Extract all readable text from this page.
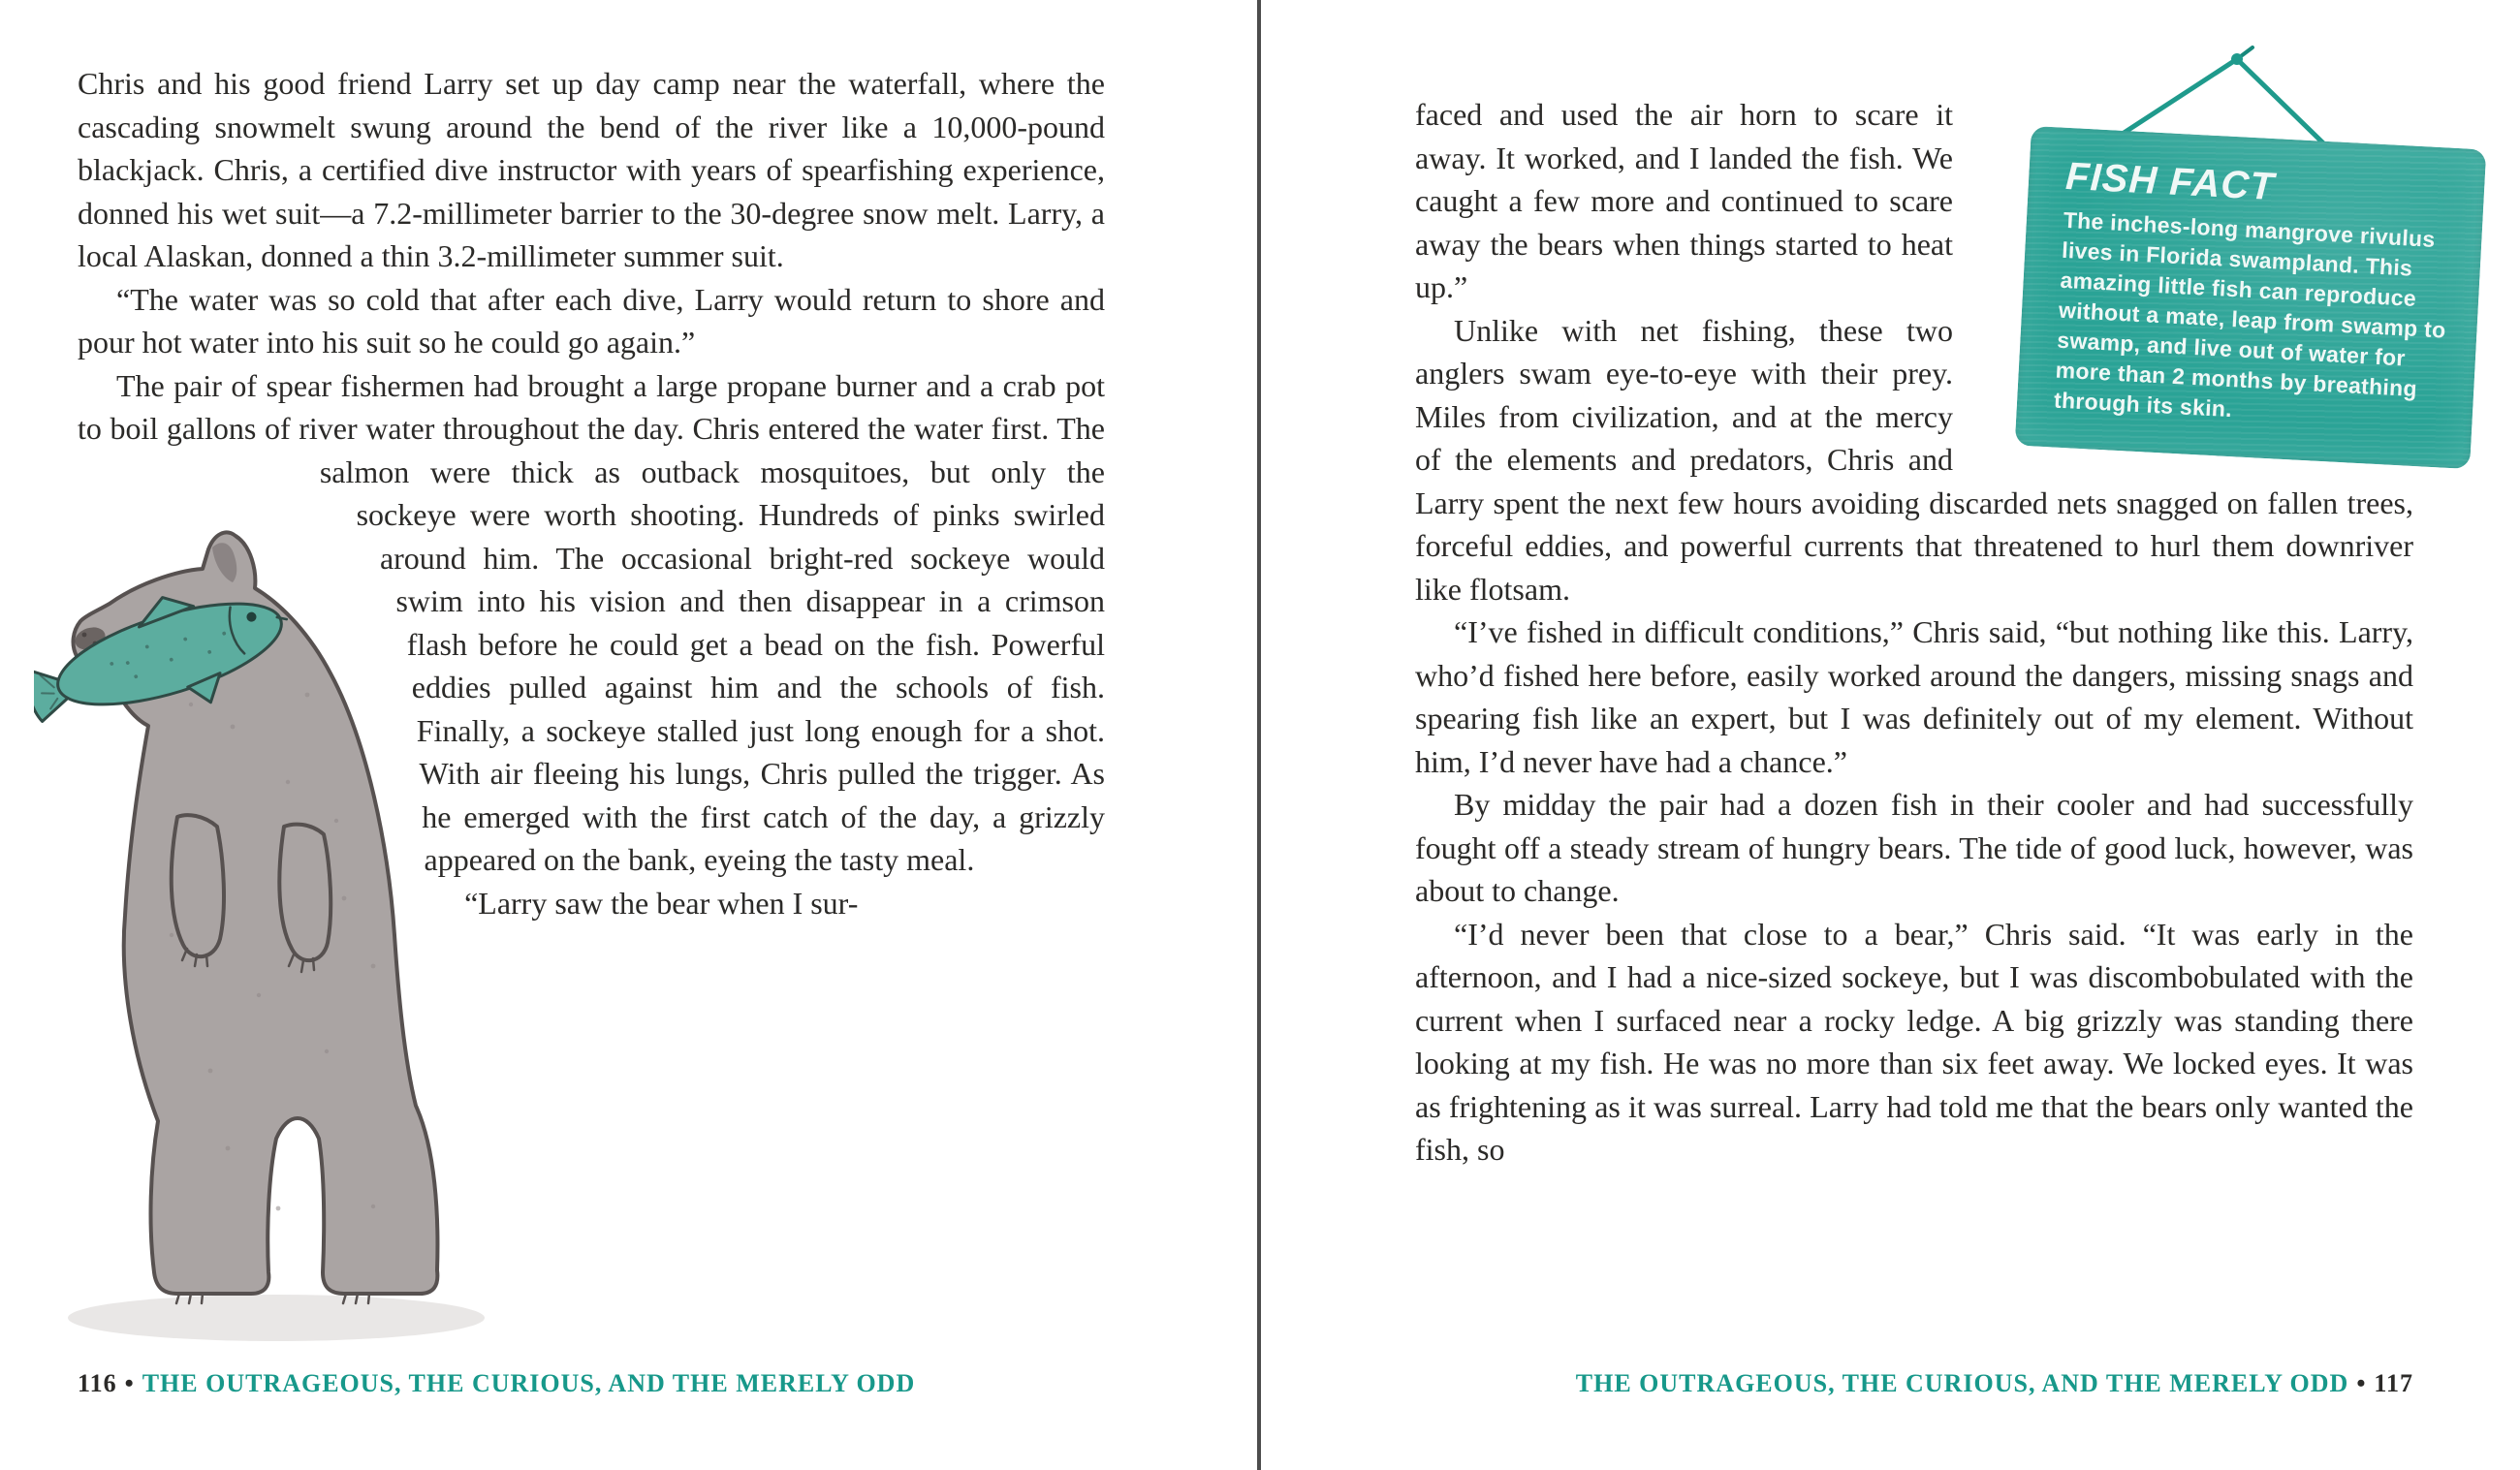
Chris and his good friend Larry set up day camp near the waterfall, where the cascading snowmelt swung around the bend of the river like a 10,000-pound blackjack. Chris, a certified dive instructor with years of spearfishing experience, donned his wet suit—a 7.2-millimeter barrier to the 30-degree snow melt. Larry, a local Alaskan, donned a thin 3.2-millimeter summer suit.

“The water was so cold that after each dive, Larry would return to shore and pour hot water into his suit so he could go again.”

The pair of spear fishermen had brought a large propane burner and a crab pot to boil gallons of river water throughout the day. Chris entered the water first. The salmon were thick as outback mosquitoes, but only the sockeye were worth shooting. Hundreds of pinks swirled around him. The occasional bright-red sockeye would swim into his vision and then disappear in a crimson flash before he could get a bead on the fish. Powerful eddies pulled against him and the schools of fish. Finally, a sockeye stalled just long enough for a shot. With air fleeing his lungs, Chris pulled the trigger. As he emerged with the first catch of the day, a grizzly appeared on the bank, eyeing the tasty meal.

“Larry saw the bear when I sur-

FISH FACT
The inches-long mangrove rivulus lives in Florida swampland. This amazing little fish can reproduce without a mate, leap from swamp to swamp, and live out of water for more than 2 months by breathing through its skin.

faced and used the air horn to scare it away. It worked, and I landed the fish. We caught a few more and continued to scare away the bears when things started to heat up.”

Unlike with net fishing, these two anglers swam eye-to-eye with their prey. Miles from civilization, and at the mercy of the elements and predators, Chris and Larry spent the next few hours avoiding discarded nets snagged on fallen trees, forceful eddies, and powerful currents that threatened to hurl them downriver like flotsam.

“I’ve fished in difficult conditions,” Chris said, “but nothing like this. Larry, who’d fished here before, easily worked around the dangers, missing snags and spearing fish like an expert, but I was definitely out of my element. Without him, I’d never have had a chance.”

By midday the pair had a dozen fish in their cooler and had successfully fought off a steady stream of hungry bears. The tide of good luck, however, was about to change.

“I’d never been that close to a bear,” Chris said. “It was early in the afternoon, and I had a nice-sized sockeye, but I was discombobulated with the current when I surfaced near a rocky ledge. A big grizzly was standing there looking at my fish. He was no more than six feet away. We locked eyes. It was as frightening as it was surreal. Larry had told me that the bears only wanted the fish, so

116 • THE OUTRAGEOUS, THE CURIOUS, AND THE MERELY ODD	THE OUTRAGEOUS, THE CURIOUS, AND THE MERELY ODD • 117
